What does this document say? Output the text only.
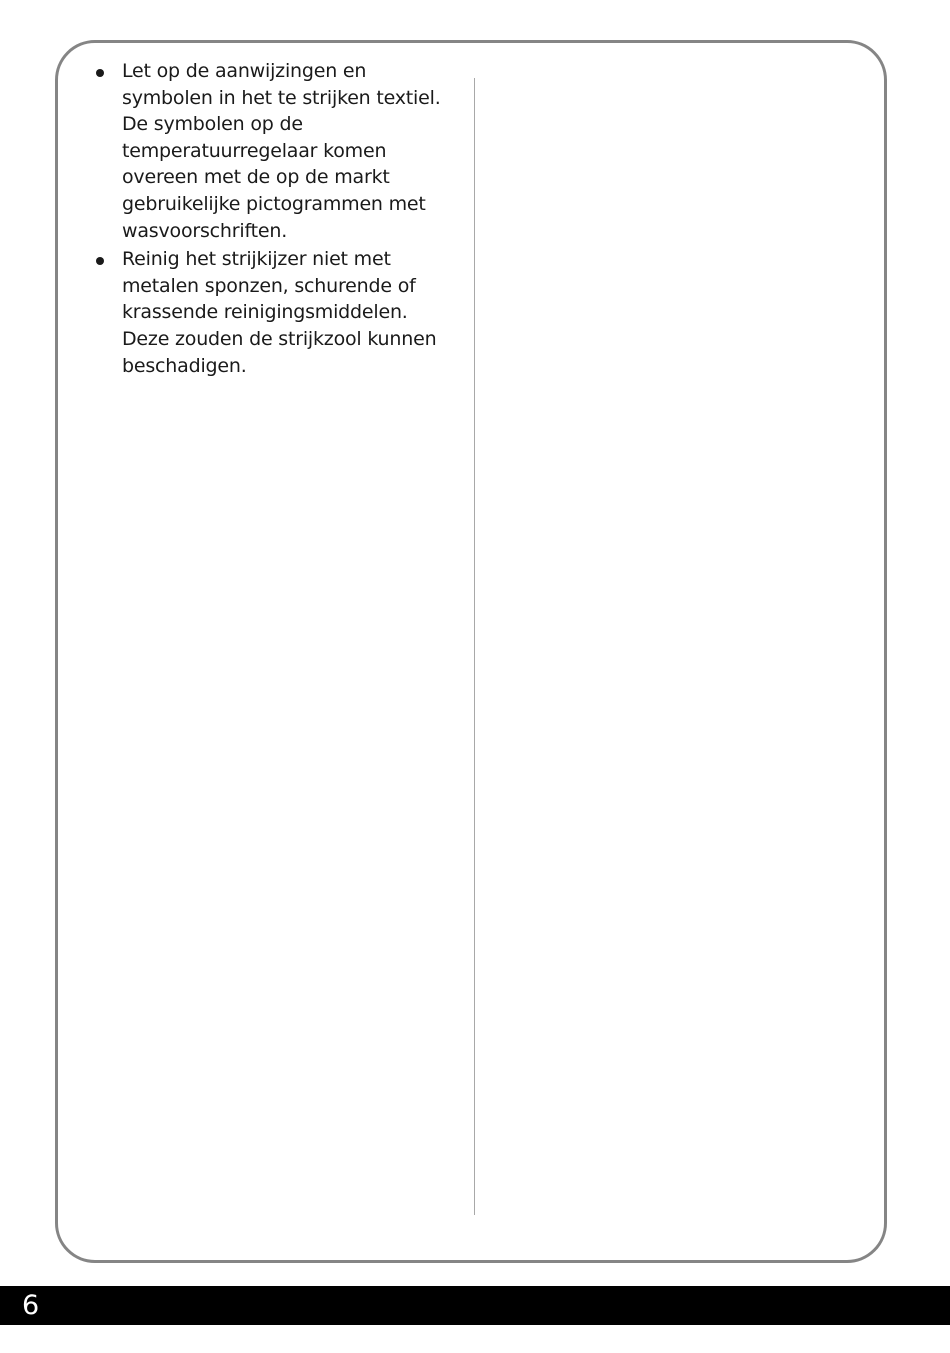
Let op de aanwijzingen en
symbolen in het te strijken textiel.
De symbolen op de
temperatuurregelaar komen
overeen met de op de markt
gebruikelijke pictogrammen met
wasvoorschriften.
Reinig het strijkijzer niet met
metalen sponzen, schurende of
krassende reinigingsmiddelen.
Deze zouden de strijkzool kunnen
beschadigen.
6
